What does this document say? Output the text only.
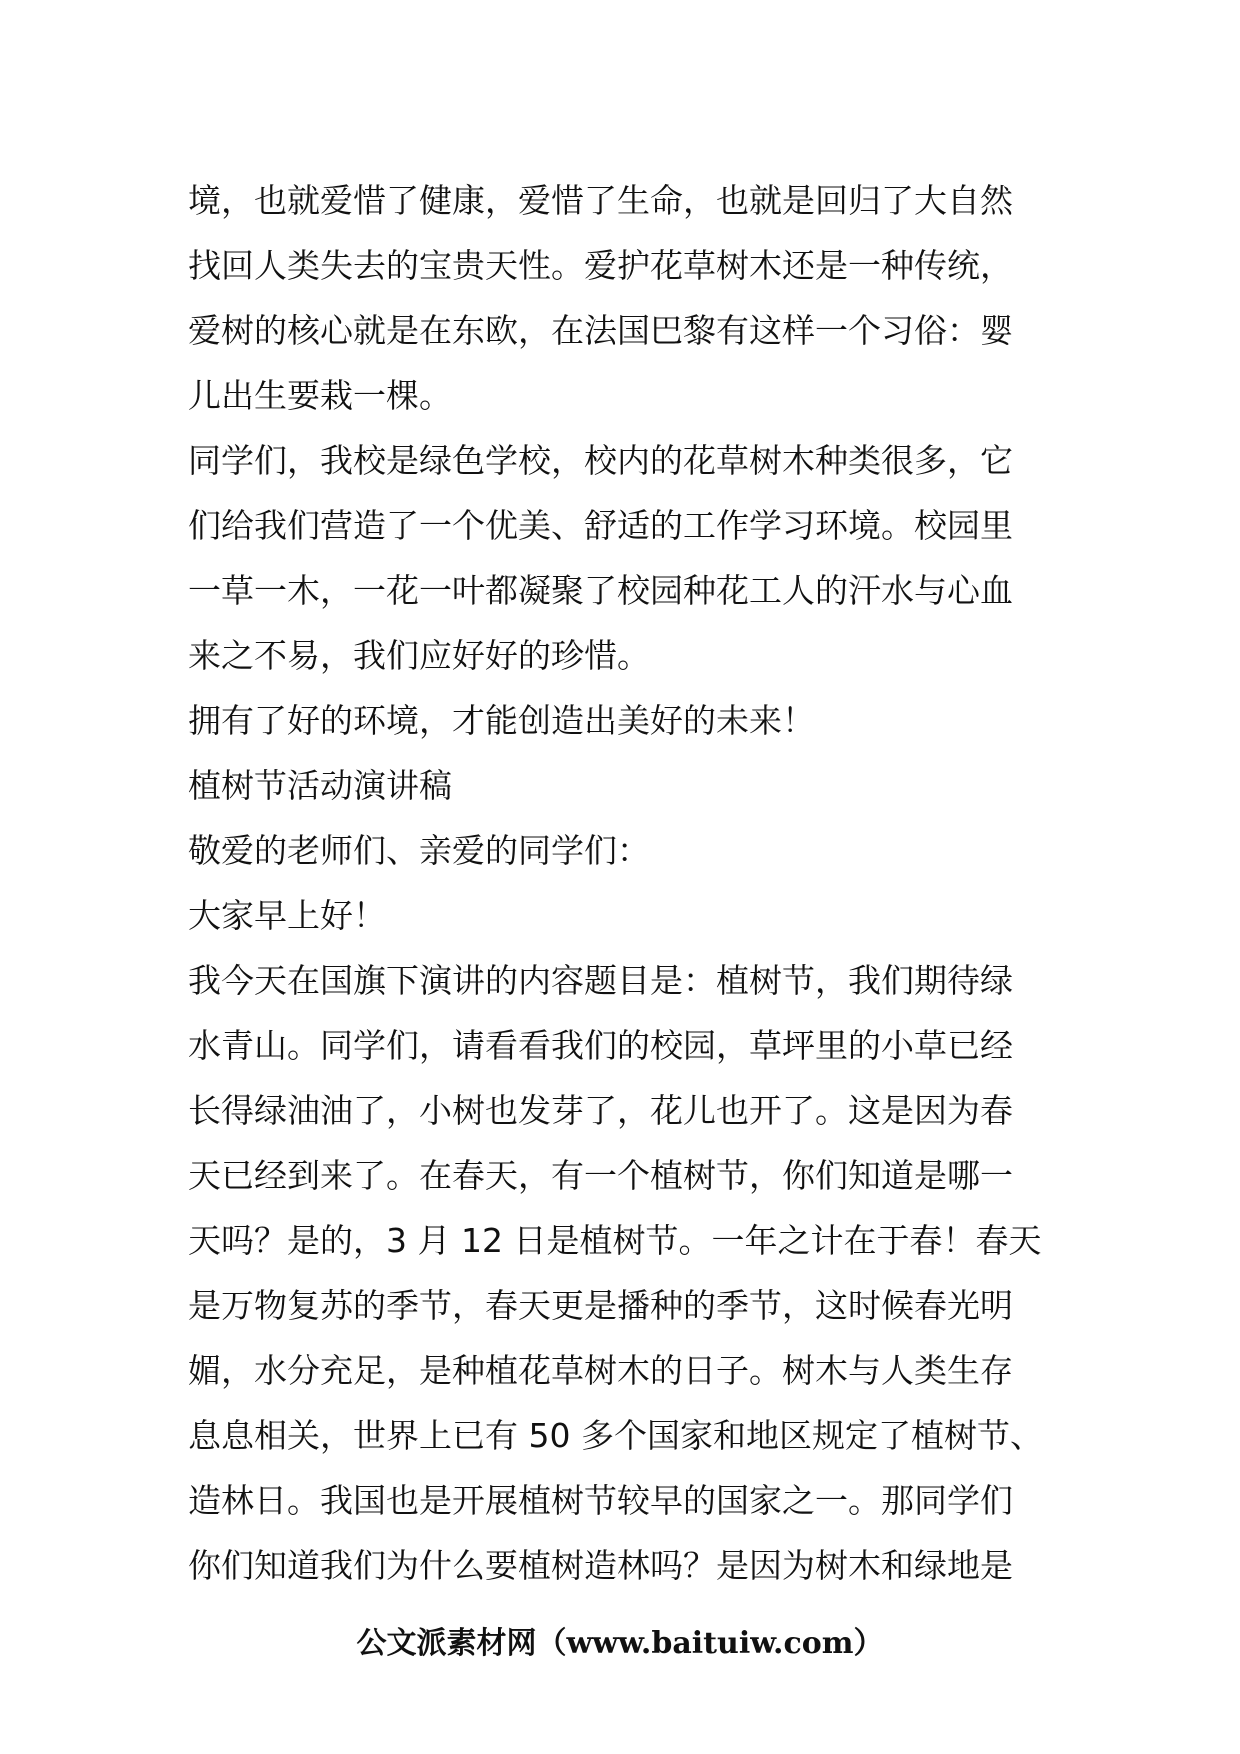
境，也就爱惜了健康，爱惜了生命，也就是回归了大自然
找回人类失去的宝贵天性。爱护花草树木还是一种传统，
爱树的核心就是在东欧，在法国巴黎有这样一个习俗：婴
儿出生要栽一棵。
同学们，我校是绿色学校，校内的花草树木种类很多，它
们给我们营造了一个优美、舒适的工作学习环境。校园里
一草一木，一花一叶都凝聚了校园种花工人的汗水与心血
来之不易，我们应好好的珍惜。
拥有了好的环境，才能创造出美好的未来！
植树节活动演讲稿
敬爱的老师们、亲爱的同学们：
大家早上好！
我今天在国旗下演讲的内容题目是：植树节，我们期待绿
水青山。同学们，请看看我们的校园，草坪里的小草已经
长得绿油油了，小树也发芽了，花儿也开了。这是因为春
天已经到来了。在春天，有一个植树节，你们知道是哪一
天吗？是的，3 月 12 日是植树节。一年之计在于春！春天
是万物复苏的季节，春天更是播种的季节，这时候春光明
媚，水分充足，是种植花草树木的日子。树木与人类生存
息息相关，世界上已有 50 多个国家和地区规定了植树节、
造林日。我国也是开展植树节较早的国家之一。那同学们
你们知道我们为什么要植树造林吗？是因为树木和绿地是
公文派素材网（www.baituiw.com）
